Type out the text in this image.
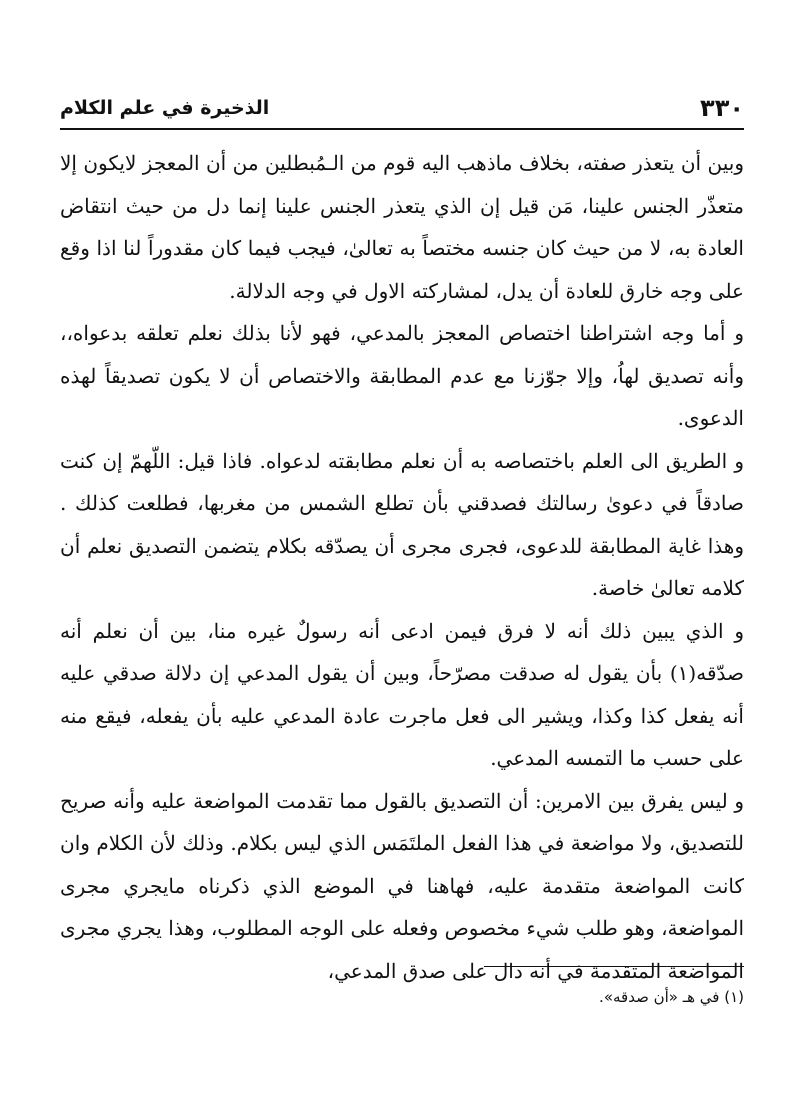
٣٣٠
الذخيرة في علم الكلام

وبين أن يتعذر صفته، بخلاف ماذهب اليه قوم من الـمُبطلين من أن المعجز لايكون إلا متعذّر الجنس علينا، مَن قيل إن الذي يتعذر الجنس علينا إنما دل من حيث انتقاض العادة به، لا من حيث كان جنسه مختصاً به تعالىٰ، فيجب فيما كان مقدوراً لنا اذا وقع على وجه خارق للعادة أن يدل، لمشاركته الاول في وجه الدلالة.

و أما وجه اشتراطنا اختصاص المعجز بالمدعي، فهو لأنا بذلك نعلم تعلقه بدعواه،، وأنه تصديق لهاُ، وإلا جوّزنا مع عدم المطابقة والاختصاص أن لا يكون تصديقاً لهذه الدعوى.

و الطريق الى العلم باختصاصه به أن نعلم مطابقته لدعواه. فاذا قيل: اللّهمّ إن كنت صادقاً في دعوىٰ رسالتك فصدقني بأن تطلع الشمس من مغربها، فطلعت كذلك . وهذا غاية المطابقة للدعوى، فجرى مجرى أن يصدّقه بكلام يتضمن التصديق نعلم أن كلامه تعالىٰ خاصة.

و الذي يبين ذلك أنه لا فرق فيمن ادعى أنه رسولٌ غيره منا، بين أن نعلم أنه صدّقه(١) بأن يقول له صدقت مصرّحاً، وبين أن يقول المدعي إن دلالة صدقي عليه أنه يفعل كذا وكذا، ويشير الى فعل ماجرت عادة المدعي عليه بأن يفعله، فيقع منه على حسب ما التمسه المدعي.

و ليس يفرق بين الامرين: أن التصديق بالقول مما تقدمت المواضعة عليه وأنه صريح للتصديق، ولا مواضعة في هذا الفعل الملتَمَس الذي ليس بكلام. وذلك لأن الكلام وان كانت المواضعة متقدمة عليه، فهاهنا في الموضع الذي ذكرناه مايجري مجرى المواضعة، وهو طلب شيء مخصوص وفعله على الوجه المطلوب، وهذا يجري مجرى المواضعة المتقدمة في أنه دال على صدق المدعي،

(١) في هـ «أن صدقه».
